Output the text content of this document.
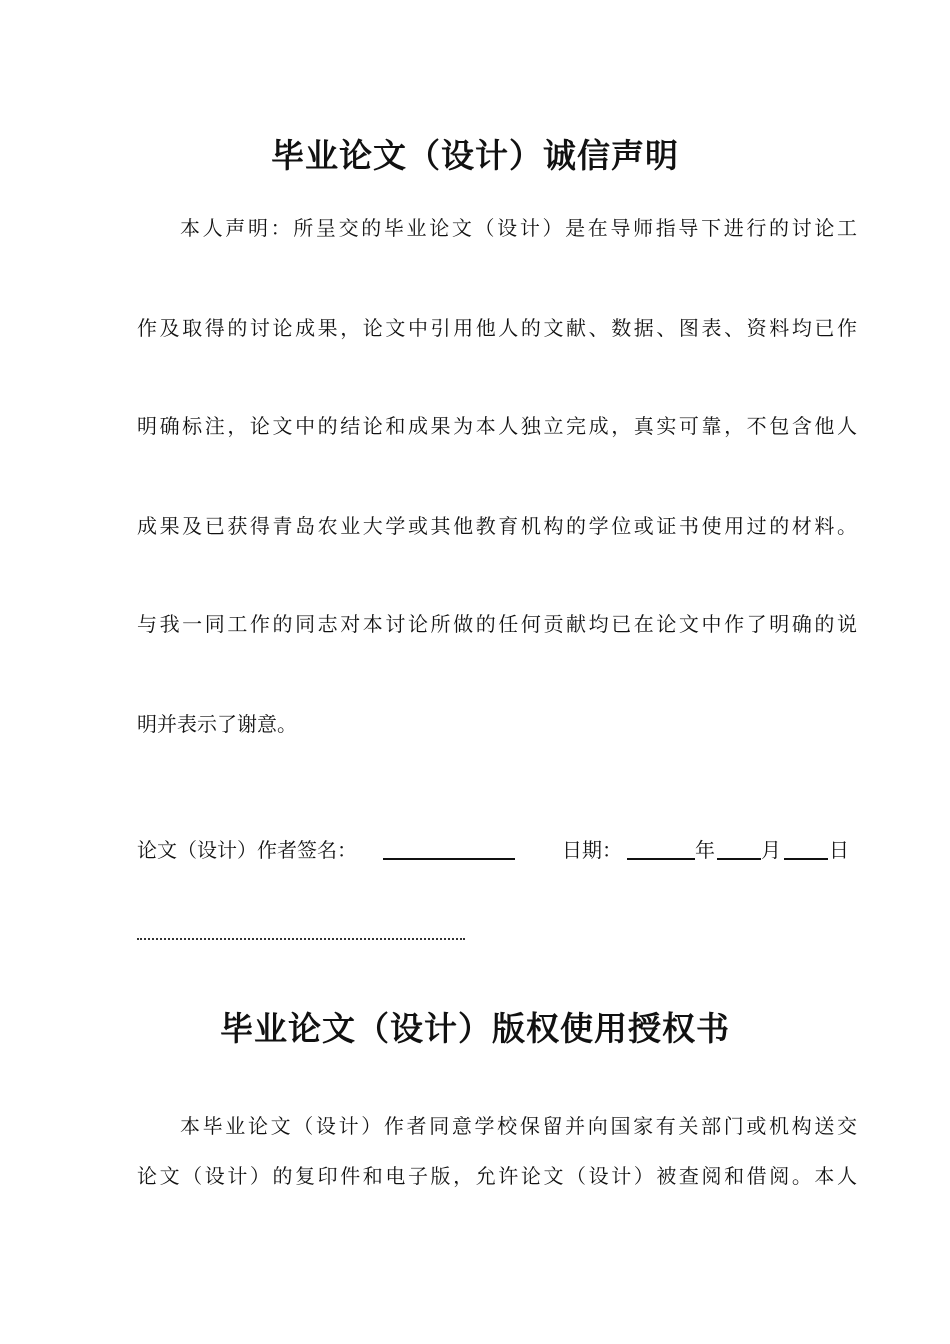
毕业论文（设计）诚信声明
本人声明：所呈交的毕业论文（设计）是在导师指导下进行的讨论工
作及取得的讨论成果，论文中引用他人的文献、数据、图表、资料均已作
明确标注，论文中的结论和成果为本人独立完成，真实可靠，不包含他人
成果及已获得青岛农业大学或其他教育机构的学位或证书使用过的材料。
与我一同工作的同志对本讨论所做的任何贡献均已在论文中作了明确的说
明并表示了谢意。
论文（设计）作者签名：	日期：	年 月 日
毕业论文（设计）版权使用授权书
本毕业论文（设计）作者同意学校保留并向国家有关部门或机构送交
论文（设计）的复印件和电子版，允许论文（设计）被查阅和借阅。本人
